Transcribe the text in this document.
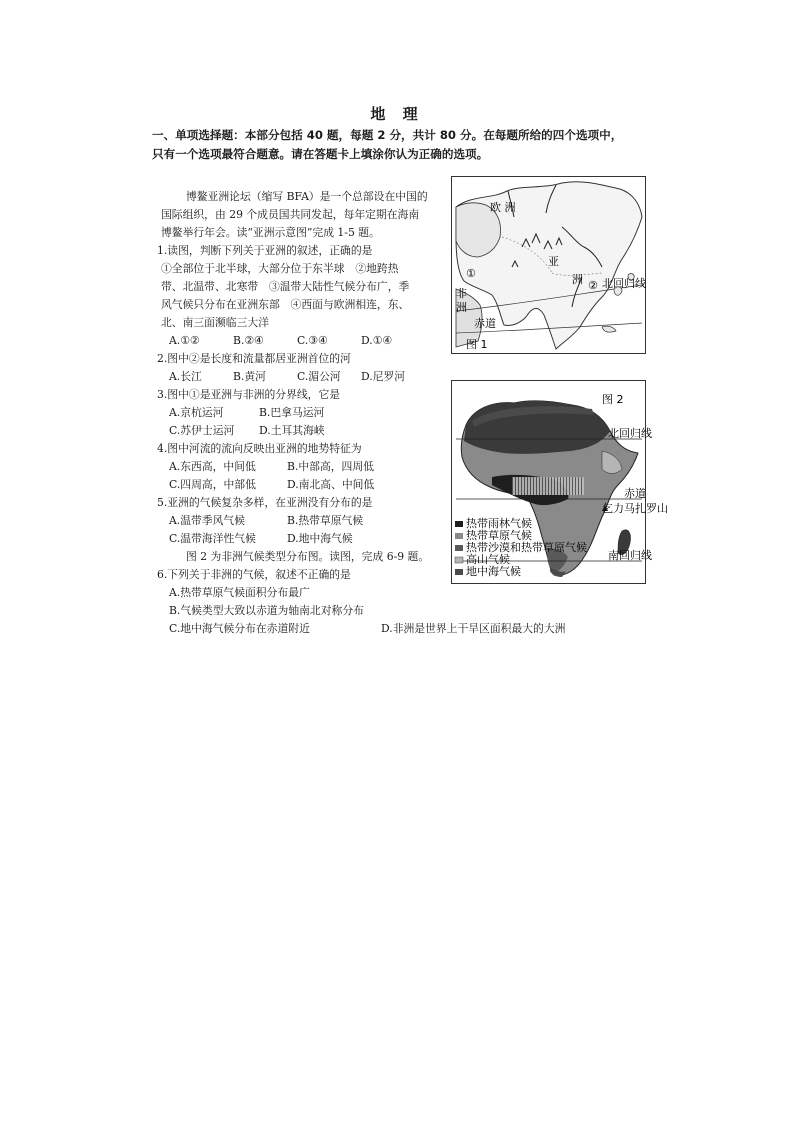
地 理
一、单项选择题：本部分包括 40 题，每题 2 分，共计 80 分。在每题所给的四个选项中，
只有一个选项最符合题意。请在答题卡上填涂你认为正确的选项。
博鳌亚洲论坛（缩写 BFA）是一个总部设在中国的
国际组织，由 29 个成员国共同发起，每年定期在海南
博鳌举行年会。读“亚洲示意图”完成 1-5 题。
1.读图，判断下列关于亚洲的叙述，正确的是
①全部位于北半球，大部分位于东半球　②地跨热
带、北温带、北寒带　③温带大陆性气候分布广，季
风气候只分布在亚洲东部　④西面与欧洲相连，东、
北、南三面濒临三大洋
A.①②	B.②④	C.③④	D.①④
2.图中②是长度和流量都居亚洲首位的河
A.长江	B.黄河	C.湄公河 D.尼罗河
3.图中①是亚洲与非洲的分界线，它是
A.京杭运河	B.巴拿马运河
C.苏伊士运河 D.土耳其海峡
4.图中河流的流向反映出亚洲的地势特征为
A.东西高，中间低	B.中部高，四周低
C.四周高，中部低	D.南北高、中间低
5.亚洲的气候复杂多样，在亚洲没有分布的是
A.温带季风气候	B.热带草原气候
C.温带海洋性气候	D.地中海气候
图 2 为非洲气候类型分布图。读图，完成 6-9 题。
6.下列关于非洲的气候，叙述不正确的是
A.热带草原气候面积分布最广
B.气候类型大致以赤道为轴南北对称分布
C.地中海气候分布在赤道附近	D.非洲是世界上干旱区面积最大的大洲
欧 洲
亚
洲
非
洲
①
② 北回归线
赤道
图 1
图 2
北回归线
赤道
乞力马扎罗山
南回归线
热带雨林气候
热带草原气候
热带沙漠和热带草原气候
高山气候
地中海气候
